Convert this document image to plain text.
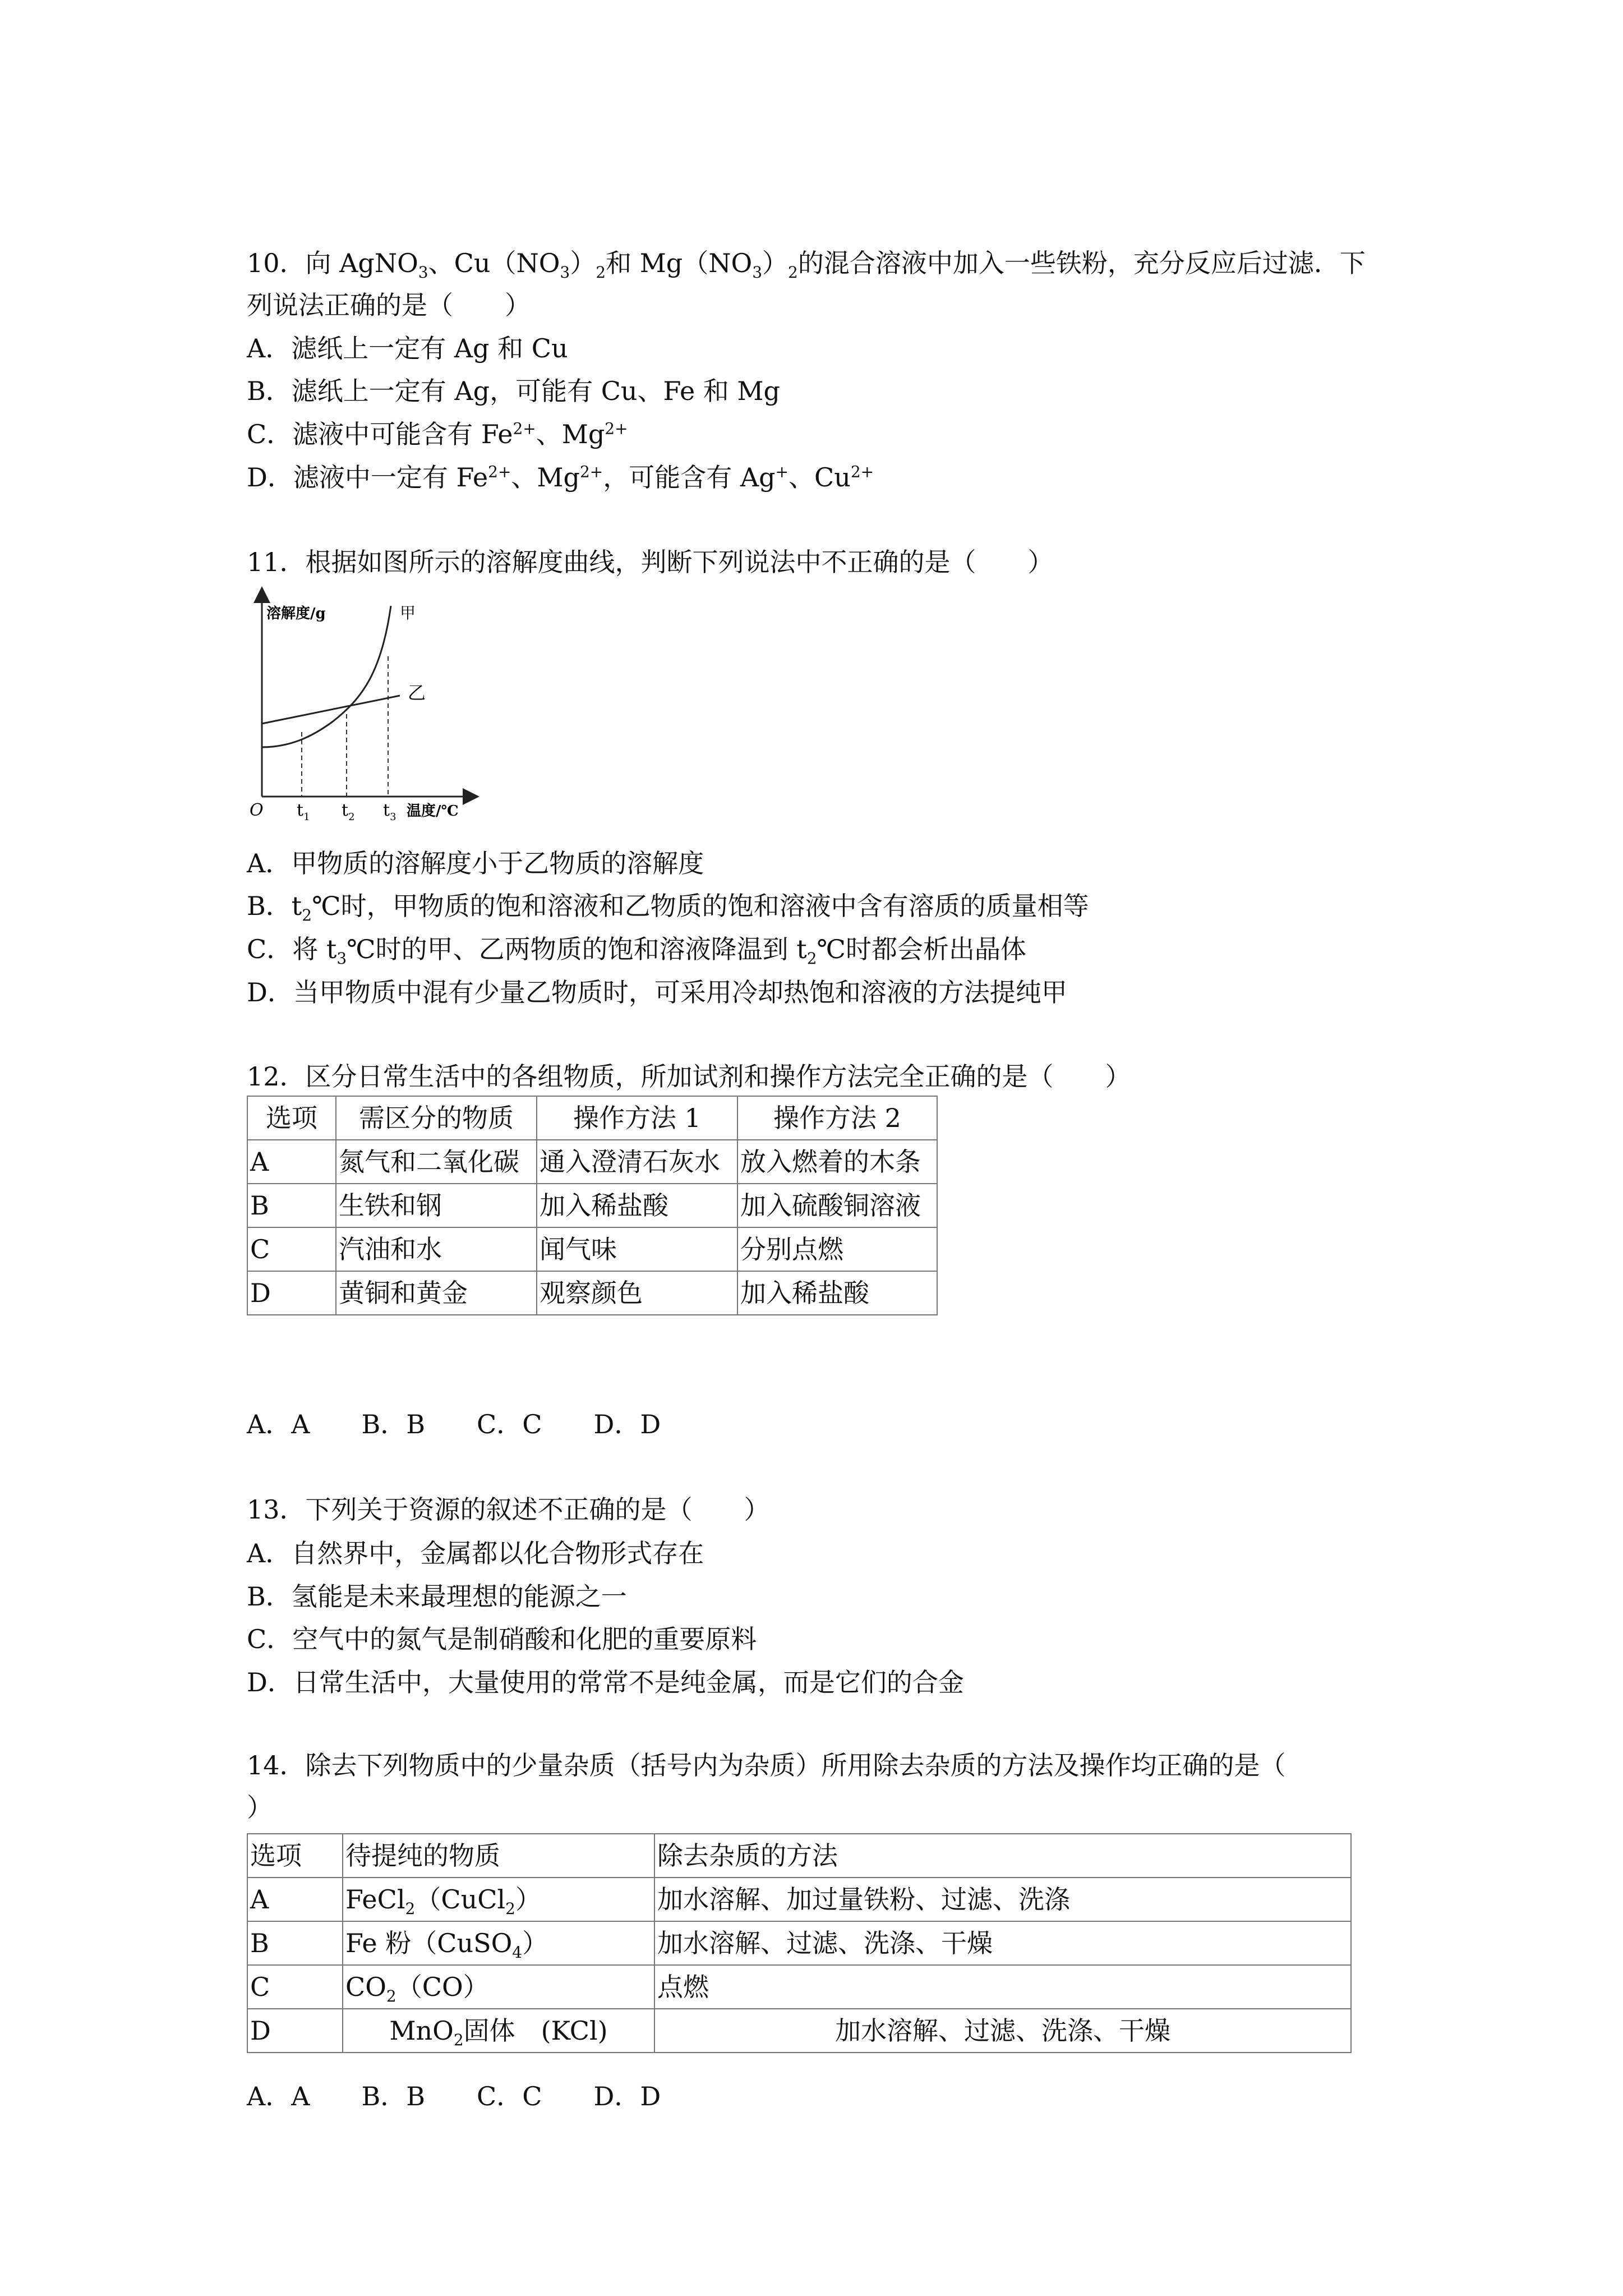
10．向 AgNO$_3$、$Cu(NO_3)_2$和 $Mg(NO_3)_2$的混合溶液中加入一些铁粉，充分反应后过滤．下
列说法正确的是（　　）
A．滤纸上一定有 Ag 和 Cu
B．滤纸上一定有 Ag，可能有 Cu、Fe 和 Mg
C．滤液中可能含有 $Fe^{2+}$、$Mg^{2+}$
D．滤液中一定有 $Fe^{2+}$、$Mg^{2+}$，可能含有 Ag+、$Cu^{2+}$
11．根据如图所示的溶解度曲线，判断下列说法中不正确的是（　　）
溶解度/g	甲
乙
O $t_1$ $t_2$ $t_3$ 温度/℃
A．甲物质的溶解度小于乙物质的溶解度
B．$t_2℃$时，甲物质的饱和溶液和乙物质的饱和溶液中含有溶质的质量相等
C．将 $t_3℃$时的甲、乙两物质的饱和溶液降温到 $t_2℃$时都会析出晶体
D．当甲物质中混有少量乙物质时，可采用冷却热饱和溶液的方法提纯甲
12．区分日常生活中的各组物质，所加试剂和操作方法完全正确的是（　　）
选项	需区分的物质	操作方法 1	操作方法 2
A	氮气和二氧化碳	通入澄清石灰水	放入燃着的木条
B	生铁和钢	加入稀盐酸	加入硫酸铜溶液
C	汽油和水	闻气味	分别点燃
D	黄铜和黄金	观察颜色	加入稀盐酸
A．A　　B．B　　C．C　　D．D
13．下列关于资源的叙述不正确的是（　　）
A．自然界中，金属都以化合物形式存在
B．氢能是未来最理想的能源之一
C．空气中的氮气是制硝酸和化肥的重要原料
D．日常生活中，大量使用的常常不是纯金属，而是它们的合金
14．除去下列物质中的少量杂质（括号内为杂质）所用除去杂质的方法及操作均正确的是（
）
选项	待提纯的物质	除去杂质的方法
A	FeCl$_2$（CuCl$_2$）	加水溶解、加过量铁粉、过滤、洗涤
B	Fe 粉（CuSO$_4$）	加水溶解、过滤、洗涤、干燥
C	$CO_2(CO)$	点燃
D	MnO$_2$固体　(KCl)	加水溶解、过滤、洗涤、干燥
A．A　　B．B　　C．C　　D．D
